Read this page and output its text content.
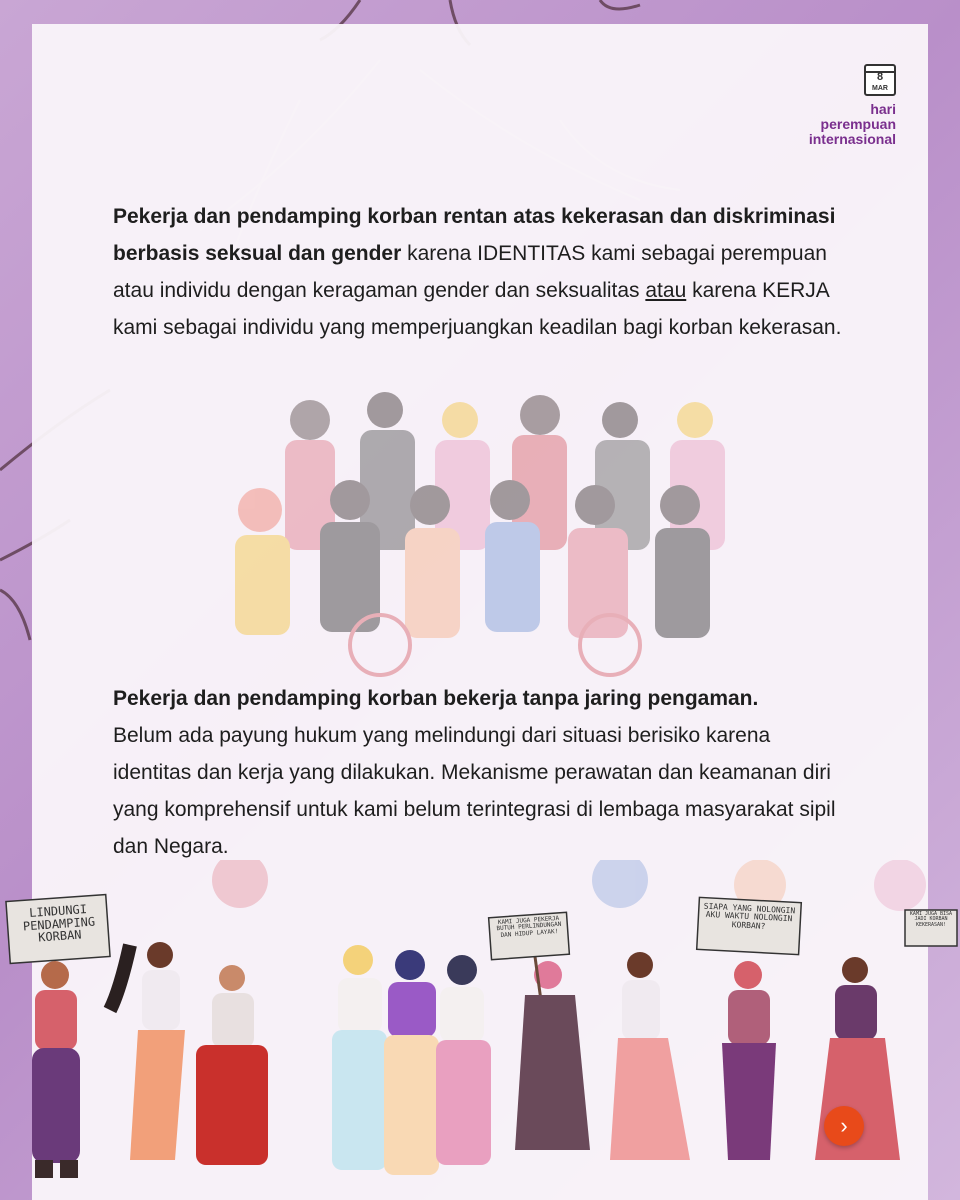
8
MAR
hari
perempuan
internasional
Pekerja dan pendamping korban rentan atas kekerasan dan diskriminasi berbasis seksual dan gender karena IDENTITAS kami sebagai perempuan atau individu dengan keragaman gender dan seksualitas atau karena KERJA kami sebagai individu yang memperjuangkan keadilan bagi korban kekerasan.
Pekerja dan pendamping korban bekerja tanpa jaring pengaman.
Belum ada payung hukum yang melindungi dari situasi berisiko karena identitas dan kerja yang dilakukan. Mekanisme perawatan dan keamanan diri yang komprehensif untuk kami belum terintegrasi di lembaga masyarakat sipil dan Negara.
LINDUNGI PENDAMPING KORBAN
KAMI JUGA PEKERJA BUTUH PERLINDUNGAN DAN HIDUP LAYAK!
SIAPA YANG NOLONGIN AKU WAKTU NOLONGIN KORBAN?
KAMI JUGA BISA JADI KORBAN KEKERASAN!
›
